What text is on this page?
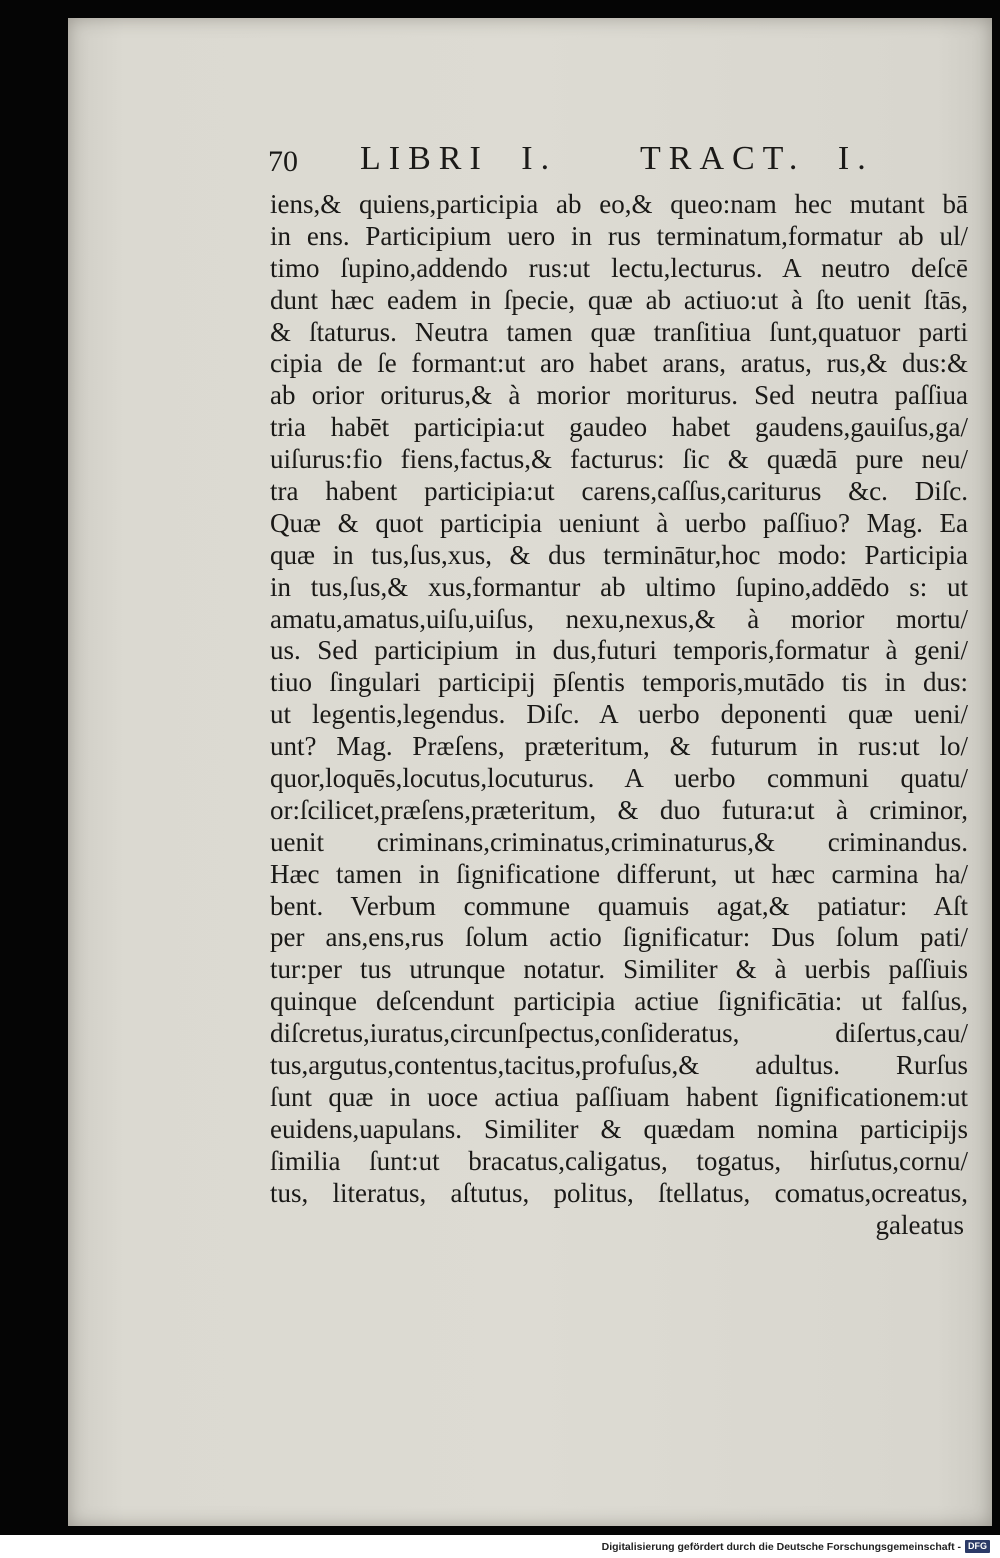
70 LIBRI I. TRACT. I.
iens,& quiens,participia ab eo,& queo:nam hec mutant bā
in ens. Participium uero in rus terminatum,formatur ab ul/
timo ſupino,addendo rus:ut lectu,lecturus. A neutro deſcē
dunt hæc eadem in ſpecie, quæ ab actiuo:ut à ſto uenit ſtās,
& ſtaturus. Neutra tamen quæ tranſitiua ſunt,quatuor parti
cipia de ſe formant:ut aro habet arans, aratus, rus,& dus:&
ab orior oriturus,& à morior moriturus. Sed neutra paſſiua
tria habēt participia:ut gaudeo habet gaudens,gauiſus,ga/
uiſurus:fio fiens,factus,& facturus: ſic & quædā pure neu/
tra habent participia:ut carens,caſſus,cariturus &c. Diſc.
Quæ & quot participia ueniunt à uerbo paſſiuo? Mag. Ea
quæ in tus,ſus,xus, & dus terminātur,hoc modo: Participia
in tus,ſus,& xus,formantur ab ultimo ſupino,addēdo s: ut
amatu,amatus,uiſu,uiſus, nexu,nexus,& à morior mortu/
us. Sed participium in dus,futuri temporis,formatur à geni/
tiuo ſingulari participij p̄ſentis temporis,mutādo tis in dus:
ut legentis,legendus. Diſc. A uerbo deponenti quæ ueni/
unt? Mag. Præſens, præteritum, & futurum in rus:ut lo/
quor,loquēs,locutus,locuturus. A uerbo communi quatu/
or:ſcilicet,præſens,præteritum, & duo futura:ut à criminor,
uenit criminans,criminatus,criminaturus,& criminandus.
Hæc tamen in ſignificatione differunt, ut hæc carmina ha/
bent. Verbum commune quamuis agat,& patiatur: Aſt
per ans,ens,rus ſolum actio ſignificatur: Dus ſolum pati/
tur:per tus utrunque notatur. Similiter & à uerbis paſſiuis
quinque deſcendunt participia actiue ſignificātia: ut falſus,
diſcretus,iuratus,circunſpectus,conſideratus, diſertus,cau/
tus,argutus,contentus,tacitus,profuſus,& adultus. Rurſus
ſunt quæ in uoce actiua paſſiuam habent ſignificationem:ut
euidens,uapulans. Similiter & quædam nomina participijs
ſimilia ſunt:ut bracatus,caligatus, togatus, hirſutus,cornu/
tus, literatus, aſtutus, politus, ſtellatus, comatus,ocreatus,
galeatus
Digitalisierung gefördert durch die Deutsche Forschungsgemeinschaft - DFG
